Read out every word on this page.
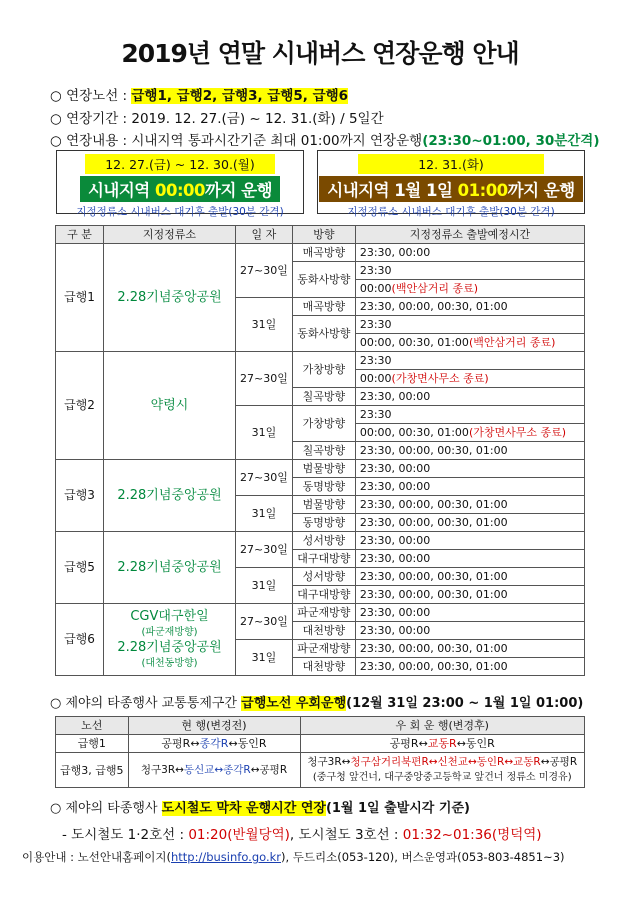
2019년 연말 시내버스 연장운행 안내
○ 연장노선 : 급행1, 급행2, 급행3, 급행5, 급행6
○ 연장기간 : 2019. 12. 27.(금) ~ 12. 31.(화) / 5일간
○ 연장내용 : 시내지역 통과시간기준 최대 01:00까지 연장운행(23:30~01:00, 30분간격)
12. 27.(금) ~ 12. 30.(월)
시내지역 00:00까지 운행
지정정류소 시내버스 대기후 출발(30분 간격)
12. 31.(화)
시내지역 1월 1일 01:00까지 운행
지정정류소 시내버스 대기후 출발(30분 간격)
구 분	지정정류소	일 자	방향	지정정류소 출발예정시간
급행1	2.28기념중앙공원	27~30일	매곡방향	23:30, 00:00
			동화사방향	23:30
				00:00(백안삼거리 종료)
		31일	매곡방향	23:30, 00:00, 00:30, 01:00
			동화사방향	23:30
				00:00, 00:30, 01:00(백안삼거리 종료)
급행2	약령시	27~30일	가창방향	23:30
				00:00(가창면사무소 종료)
			칠곡방향	23:30, 00:00
		31일	가창방향	23:30
				00:00, 00:30, 01:00(가창면사무소 종료)
			칠곡방향	23:30, 00:00, 00:30, 01:00
급행3	2.28기념중앙공원	27~30일	범물방향	23:30, 00:00
			동명방향	23:30, 00:00
		31일	범물방향	23:30, 00:00, 00:30, 01:00
			동명방향	23:30, 00:00, 00:30, 01:00
급행5	2.28기념중앙공원	27~30일	성서방향	23:30, 00:00
			대구대방향	23:30, 00:00
		31일	성서방향	23:30, 00:00, 00:30, 01:00
			대구대방향	23:30, 00:00, 00:30, 01:00
급행6	CGV대구한일
(파군재방향)
2.28기념중앙공원
(대천동방향)	27~30일	파군재방향	23:30, 00:00
			대천방향	23:30, 00:00
		31일	파군재방향	23:30, 00:00, 00:30, 01:00
			대천방향	23:30, 00:00, 00:30, 01:00
○ 제야의 타종행사 교통통제구간 급행노선 우회운행(12월 31일 23:00 ~ 1월 1일 01:00)
노선	현 행(변경전)	우 회 운 행(변경후)
급행1	공평R↔종각R↔동인R	공평R↔교동R↔동인R
급행3, 급행5	청구3R↔동신교↔종각R↔공평R	청구3R↔청구삼거리북편R↔신천교↔동인R↔교동R↔공평R
(중구청 앞건너, 대구중앙중고등학교 앞건너 정류소 미경유)
○ 제야의 타종행사 도시철도 막차 운행시간 연장(1월 1일 출발시각 기준)
- 도시철도 1·2호선 : 01:20(반월당역), 도시철도 3호선 : 01:32~01:36(명덕역)
이용안내 : 노선안내홈페이지(http://businfo.go.kr), 두드리소(053-120), 버스운영과(053-803-4851~3)
